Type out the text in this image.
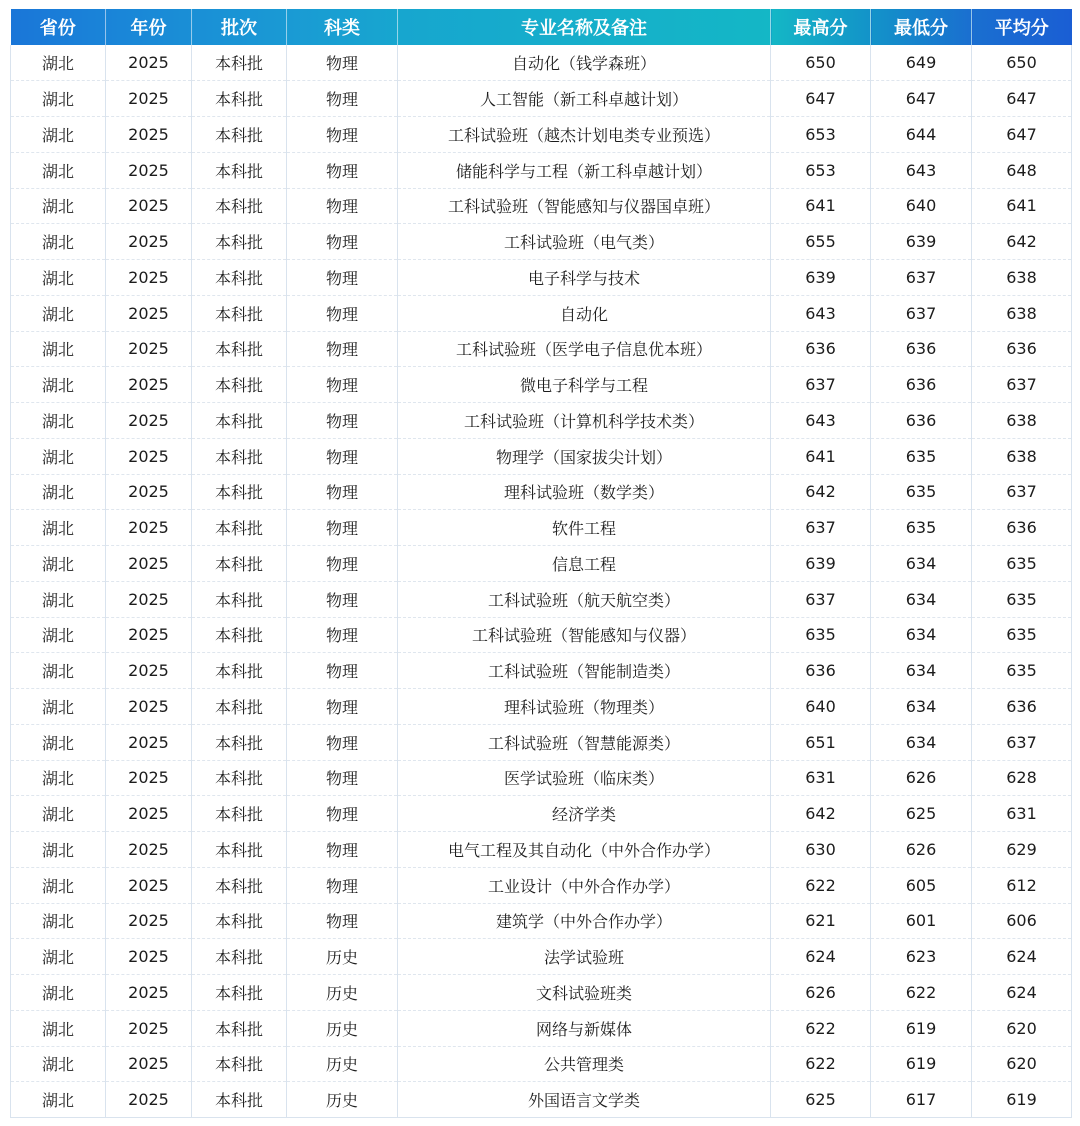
省份	年份	批次	科类	专业名称及备注	最高分	最低分	平均分
湖北	2025	本科批	物理	自动化（钱学森班）	650	649	650
湖北	2025	本科批	物理	人工智能（新工科卓越计划）	647	647	647
湖北	2025	本科批	物理	工科试验班（越杰计划电类专业预选）	653	644	647
湖北	2025	本科批	物理	储能科学与工程（新工科卓越计划）	653	643	648
湖北	2025	本科批	物理	工科试验班（智能感知与仪器国卓班）	641	640	641
湖北	2025	本科批	物理	工科试验班（电气类）	655	639	642
湖北	2025	本科批	物理	电子科学与技术	639	637	638
湖北	2025	本科批	物理	自动化	643	637	638
湖北	2025	本科批	物理	工科试验班（医学电子信息优本班）	636	636	636
湖北	2025	本科批	物理	微电子科学与工程	637	636	637
湖北	2025	本科批	物理	工科试验班（计算机科学技术类）	643	636	638
湖北	2025	本科批	物理	物理学（国家拔尖计划）	641	635	638
湖北	2025	本科批	物理	理科试验班（数学类）	642	635	637
湖北	2025	本科批	物理	软件工程	637	635	636
湖北	2025	本科批	物理	信息工程	639	634	635
湖北	2025	本科批	物理	工科试验班（航天航空类）	637	634	635
湖北	2025	本科批	物理	工科试验班（智能感知与仪器）	635	634	635
湖北	2025	本科批	物理	工科试验班（智能制造类）	636	634	635
湖北	2025	本科批	物理	理科试验班（物理类）	640	634	636
湖北	2025	本科批	物理	工科试验班（智慧能源类）	651	634	637
湖北	2025	本科批	物理	医学试验班（临床类）	631	626	628
湖北	2025	本科批	物理	经济学类	642	625	631
湖北	2025	本科批	物理	电气工程及其自动化（中外合作办学）	630	626	629
湖北	2025	本科批	物理	工业设计（中外合作办学）	622	605	612
湖北	2025	本科批	物理	建筑学（中外合作办学）	621	601	606
湖北	2025	本科批	历史	法学试验班	624	623	624
湖北	2025	本科批	历史	文科试验班类	626	622	624
湖北	2025	本科批	历史	网络与新媒体	622	619	620
湖北	2025	本科批	历史	公共管理类	622	619	620
湖北	2025	本科批	历史	外国语言文学类	625	617	619
